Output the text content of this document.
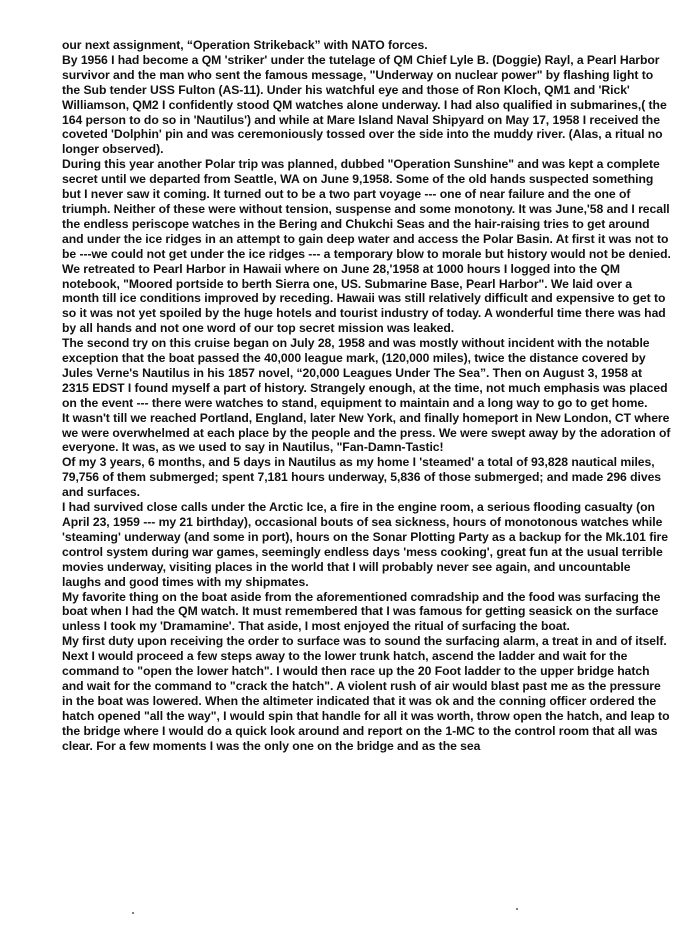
our next assignment, “Operation Strikeback” with NATO forces.

By 1956 I had become a QM 'striker' under the tutelage of QM Chief Lyle B. (Doggie) Rayl, a Pearl Harbor survivor and the man who sent the famous message, "Underway on nuclear power" by flashing light to the Sub tender USS Fulton (AS-11). Under his watchful eye and those of Ron Kloch, QM1 and 'Rick' Williamson, QM2 I confidently stood QM watches alone underway. I had also qualified in submarines,( the 164 person to do so in 'Nautilus') and while at Mare Island Naval Shipyard on May 17, 1958 I received the coveted 'Dolphin' pin and was ceremoniously tossed over the side into the muddy river. (Alas, a ritual no longer observed).

During this year another Polar trip was planned, dubbed "Operation Sunshine" and was kept a complete secret until we departed from Seattle, WA on June 9,1958. Some of the old hands suspected something but I never saw it coming. It turned out to be a two part voyage --- one of near failure and the one of triumph. Neither of these were without tension, suspense and some monotony. It was June,'58 and I recall the endless periscope watches in the Bering and Chukchi Seas and the hair-raising tries to get around and under the ice ridges in an attempt to gain deep water and access the Polar Basin. At first it was not to be ---we could not get under the ice ridges --- a temporary blow to morale but history would not be denied. We retreated to Pearl Harbor in Hawaii where on June 28,'1958 at 1000 hours I logged into the QM notebook, "Moored portside to berth Sierra one, US. Submarine Base, Pearl Harbor". We laid over a month till ice conditions improved by receding. Hawaii was still relatively difficult and expensive to get to so it was not yet spoiled by the huge hotels and tourist industry of today. A wonderful time there was had by all hands and not one word of our top secret mission was leaked.

The second try on this cruise began on July 28, 1958 and was mostly without incident with the notable exception that the boat passed the 40,000 league mark, (120,000 miles), twice the distance covered by Jules Verne's Nautilus in his 1857 novel, “20,000 Leagues Under The Sea”. Then on August 3, 1958 at 2315 EDST I found myself a part of history. Strangely enough, at the time, not much emphasis was placed on the event --- there were watches to stand, equipment to maintain and a long way to go to get home.

It wasn't till we reached Portland, England, later New York, and finally homeport in New London, CT where we were overwhelmed at each place by the people and the press. We were swept away by the adoration of everyone. It was, as we used to say in Nautilus, "Fan-Damn-Tastic!

Of my 3 years, 6 months, and 5 days in Nautilus as my home I 'steamed' a total of 93,828 nautical miles, 79,756 of them submerged; spent 7,181 hours underway, 5,836 of those submerged; and made 296 dives and surfaces.

I had survived close calls under the Arctic Ice, a fire in the engine room, a serious flooding casualty (on April 23, 1959 --- my 21 birthday), occasional bouts of sea sickness, hours of monotonous watches while 'steaming' underway (and some in port), hours on the Sonar Plotting Party as a backup for the Mk.101 fire control system during war games, seemingly endless days 'mess cooking', great fun at the usual terrible movies underway, visiting places in the world that I will probably never see again, and uncountable laughs and good times with my shipmates.

My favorite thing on the boat aside from the aforementioned comradship and the food was surfacing the boat when I had the QM watch. It must remembered that I was famous for getting seasick on the surface unless I took my 'Dramamine'. That aside, I most enjoyed the ritual of surfacing the boat.

My first duty upon receiving the order to surface was to sound the surfacing alarm, a treat in and of itself. Next I would proceed a few steps away to the lower trunk hatch, ascend the ladder and wait for the command to "open the lower hatch". I would then race up the 20 Foot ladder to the upper bridge hatch and wait for the command to "crack the hatch". A violent rush of air would blast past me as the pressure in the boat was lowered. When the altimeter indicated that it was ok and the conning officer ordered the hatch opened "all the way", I would spin that handle for all it was worth, throw open the hatch, and leap to the bridge where I would do a quick look around and report on the 1-MC to the control room that all was clear. For a few moments I was the only one on the bridge and as the sea
